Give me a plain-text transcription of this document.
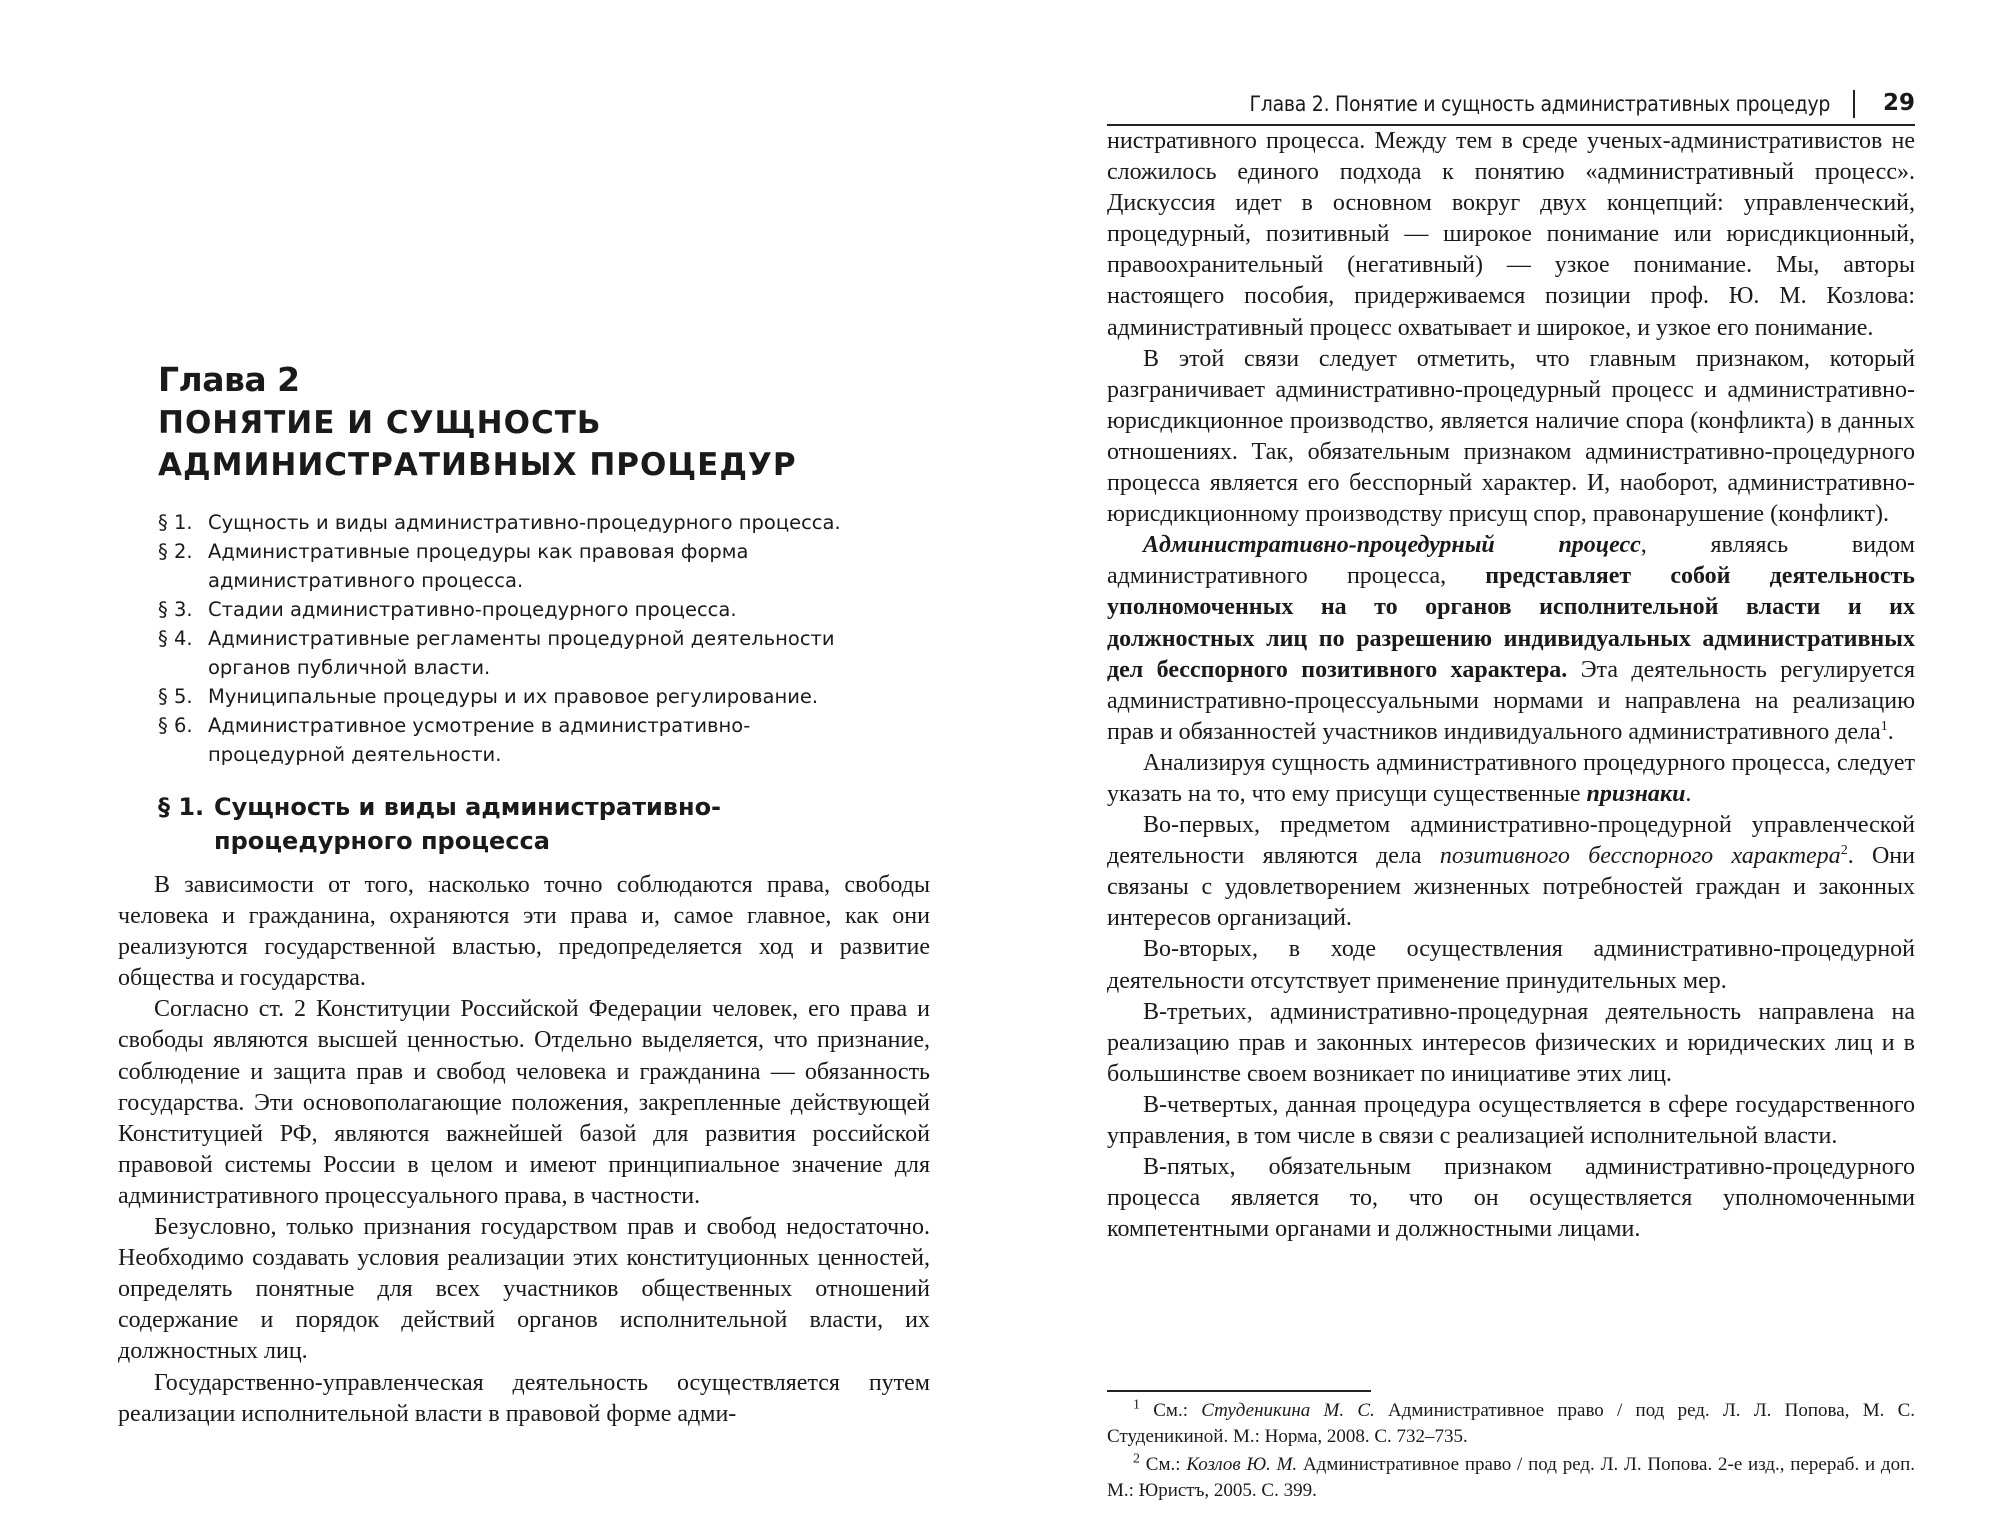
Глава 2
ПОНЯТИЕ И СУЩНОСТЬ АДМИНИСТРАТИВНЫХ ПРОЦЕДУР
§ 1. Сущность и виды административно-процедурного процесса.
§ 2. Административные процедуры как правовая форма административного процесса.
§ 3. Стадии административно-процедурного процесса.
§ 4. Административные регламенты процедурной деятельности органов публичной власти.
§ 5. Муниципальные процедуры и их правовое регулирование.
§ 6. Административное усмотрение в административно-процедурной деятельности.
§ 1. Сущность и виды административно-процедурного процесса

В зависимости от того, насколько точно соблюдаются права, свободы человека и гражданина, охраняются эти права и, самое главное, как они реализуются государственной властью, предопределяется ход и развитие общества и государства.

Согласно ст. 2 Конституции Российской Федерации человек, его права и свободы являются высшей ценностью. Отдельно выделяется, что признание, соблюдение и защита прав и свобод человека и гражданина — обязанность государства. Эти основополагающие положения, закрепленные действующей Конституцией РФ, являются важнейшей базой для развития российской правовой системы России в целом и имеют принципиальное значение для административного процессуального права, в частности.

Безусловно, только признания государством прав и свобод недостаточно. Необходимо создавать условия реализации этих конституционных ценностей, определять понятные для всех участников общественных отношений содержание и порядок действий органов исполнительной власти, их должностных лиц.

Государственно-управленческая деятельность осуществляется путем реализации исполнительной власти в правовой форме адми-

Глава 2. Понятие и сущность административных процедур 29

нистративного процесса. Между тем в среде ученых-административистов не сложилось единого подхода к понятию «административный процесс». Дискуссия идет в основном вокруг двух концепций: управленческий, процедурный, позитивный — широкое понимание или юрисдикционный, правоохранительный (негативный) — узкое понимание. Мы, авторы настоящего пособия, придерживаемся позиции проф. Ю. М. Козлова: административный процесс охватывает и широкое, и узкое его понимание.

В этой связи следует отметить, что главным признаком, который разграничивает административно-процедурный процесс и административно-юрисдикционное производство, является наличие спора (конфликта) в данных отношениях. Так, обязательным признаком административно-процедурного процесса является его бесспорный характер. И, наоборот, административно-юрисдикционному производству присущ спор, правонарушение (конфликт).

Административно-процедурный процесс, являясь видом административного процесса, представляет собой деятельность уполномоченных на то органов исполнительной власти и их должностных лиц по разрешению индивидуальных административных дел бесспорного позитивного характера. Эта деятельность регулируется административно-процессуальными нормами и направлена на реализацию прав и обязанностей участников индивидуального административного дела$^1$.

Анализируя сущность административного процедурного процесса, следует указать на то, что ему присущи существенные признаки.

Во-первых, предметом административно-процедурной управленческой деятельности являются дела позитивного бесспорного характера$^2$. Они связаны с удовлетворением жизненных потребностей граждан и законных интересов организаций.

Во-вторых, в ходе осуществления административно-процедурной деятельности отсутствует применение принудительных мер.

В-третьих, административно-процедурная деятельность направлена на реализацию прав и законных интересов физических и юридических лиц и в большинстве своем возникает по инициативе этих лиц.

В-четвертых, данная процедура осуществляется в сфере государственного управления, в том числе в связи с реализацией исполнительной власти.

В-пятых, обязательным признаком административно-процедурного процесса является то, что он осуществляется уполномоченными компетентными органами и должностными лицами.

$^1$ См.: Студеникина М. С. Административное право / под ред. Л. Л. Попова, М. С. Студеникиной. М.: Норма, 2008. С. 732–735.

$^2$ См.: Козлов Ю. М. Административное право / под ред. Л. Л. Попова. 2-е изд., перераб. и доп. М.: Юристъ, 2005. С. 399.
